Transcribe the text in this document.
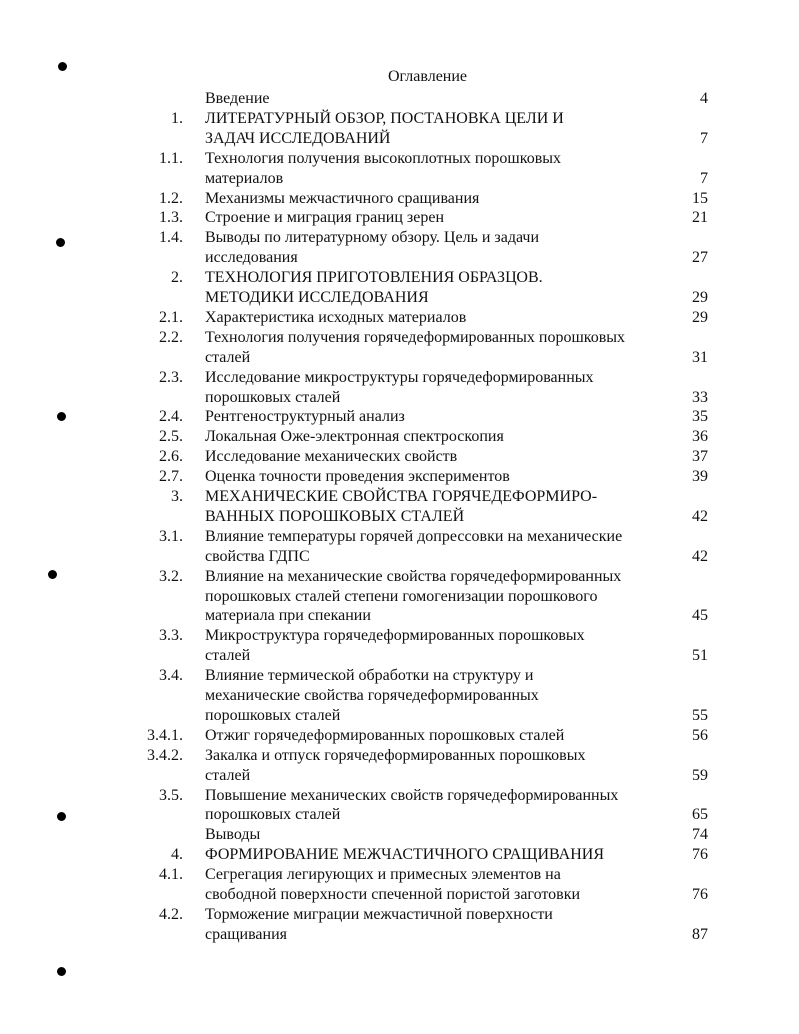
Оглавление
Введение	4
1. ЛИТЕРАТУРНЫЙ ОБЗОР, ПОСТАНОВКА ЦЕЛИ И
ЗАДАЧ ИССЛЕДОВАНИЙ	7
1.1. Технология получения высокоплотных порошковых
материалов	7
1.2. Механизмы межчастичного сращивания	15
1.3. Строение и миграция границ зерен	21
1.4. Выводы по литературному обзору. Цель и задачи
исследования	27
2. ТЕХНОЛОГИЯ ПРИГОТОВЛЕНИЯ ОБРАЗЦОВ.
МЕТОДИКИ ИССЛЕДОВАНИЯ	29
2.1. Характеристика исходных материалов	29
2.2. Технология получения горячедеформированных порошковых
сталей	31
2.3. Исследование микроструктуры горячедеформированных
порошковых сталей	33
2.4. Рентгеноструктурный анализ	35
2.5. Локальная Оже-электронная спектроскопия	36
2.6. Исследование механических свойств	37
2.7. Оценка точности проведения экспериментов	39
3. МЕХАНИЧЕСКИЕ СВОЙСТВА ГОРЯЧЕДЕФОРМИРО-
ВАННЫХ ПОРОШКОВЫХ СТАЛЕЙ	42
3.1. Влияние температуры горячей допрессовки на механические
свойства ГДПС	42
3.2. Влияние на механические свойства горячедеформированных
порошковых сталей степени гомогенизации порошкового
материала при спекании	45
3.3. Микроструктура горячедеформированных порошковых
сталей	51
3.4. Влияние термической обработки на структуру и
механические свойства горячедеформированных
порошковых сталей	55
3.4.1. Отжиг горячедеформированных порошковых сталей	56
3.4.2. Закалка и отпуск горячедеформированных порошковых
сталей	59
3.5. Повышение механических свойств горячедеформированных
порошковых сталей	65
Выводы	74
4. ФОРМИРОВАНИЕ МЕЖЧАСТИЧНОГО СРАЩИВАНИЯ	76
4.1. Сегрегация легирующих и примесных элементов на
свободной поверхности спеченной пористой заготовки	76
4.2. Торможение миграции межчастичной поверхности
сращивания	87
